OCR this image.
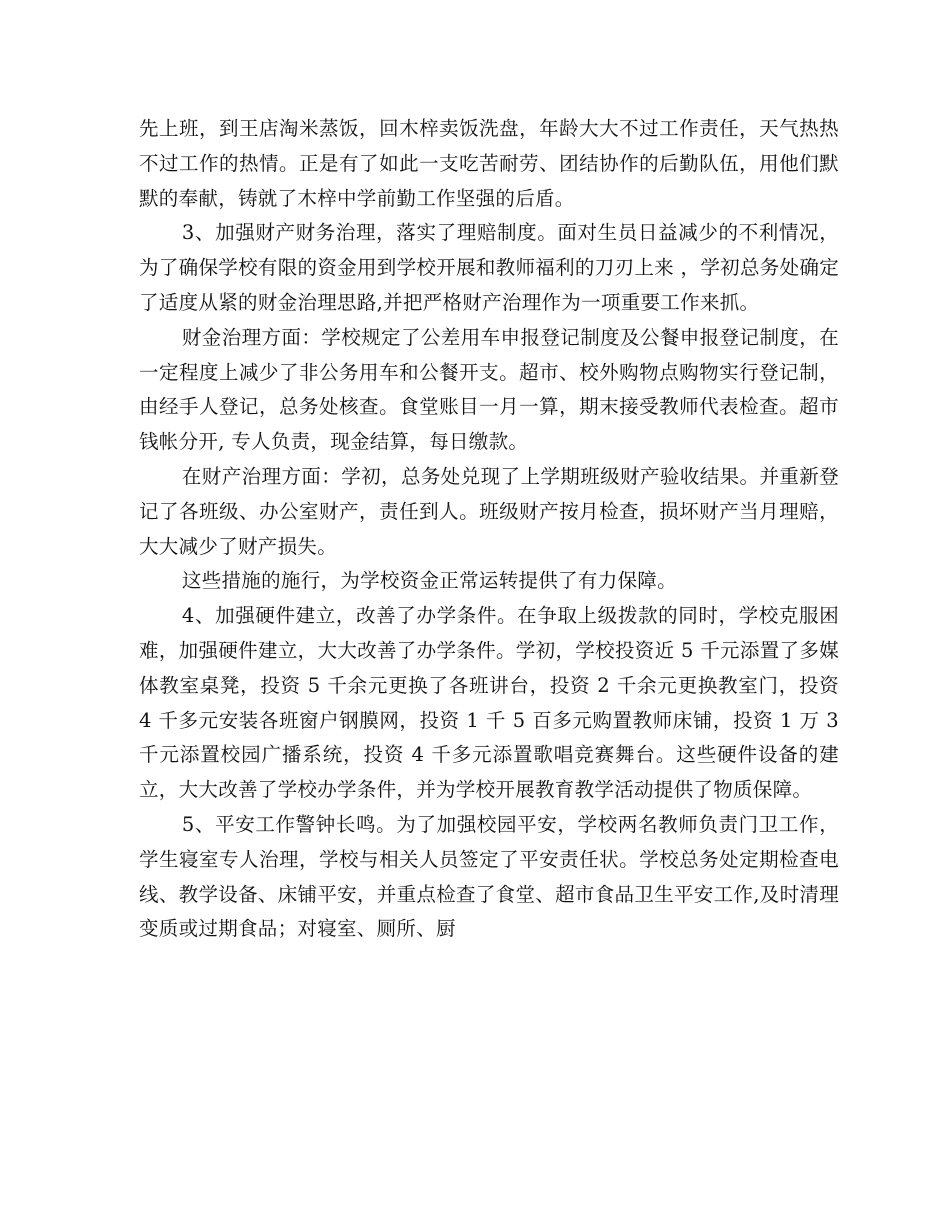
先上班，到王店淘米蒸饭，回木梓卖饭洗盘，年龄大大不过工作责任，天气热热不过工作的热情。正是有了如此一支吃苦耐劳、团结协作的后勤队伍，用他们默默的奉献，铸就了木梓中学前勤工作坚强的后盾。

3、加强财产财务治理，落实了理赔制度。面对生员日益减少的不利情况，为了确保学校有限的资金用到学校开展和教师福利的刀刃上来 ，学初总务处确定了适度从紧的财金治理思路,并把严格财产治理作为一项重要工作来抓。

财金治理方面：学校规定了公差用车申报登记制度及公餐申报登记制度，在一定程度上减少了非公务用车和公餐开支。超市、校外购物点购物实行登记制，由经手人登记，总务处核查。食堂账目一月一算，期末接受教师代表检查。超市钱帐分开, 专人负责，现金结算，每日缴款。

在财产治理方面：学初，总务处兑现了上学期班级财产验收结果。并重新登记了各班级、办公室财产，责任到人。班级财产按月检查，损坏财产当月理赔，大大减少了财产损失。

这些措施的施行，为学校资金正常运转提供了有力保障。

4、加强硬件建立，改善了办学条件。在争取上级拨款的同时，学校克服困难，加强硬件建立，大大改善了办学条件。学初，学校投资近 5 千元添置了多媒体教室桌凳，投资 5 千余元更换了各班讲台，投资 2 千余元更换教室门，投资 4 千多元安装各班窗户钢膜网，投资 1 千 5 百多元购置教师床铺，投资 1 万 3 千元添置校园广播系统，投资 4 千多元添置歌唱竞赛舞台。这些硬件设备的建立，大大改善了学校办学条件，并为学校开展教育教学活动提供了物质保障。

5、平安工作警钟长鸣。为了加强校园平安，学校两名教师负责门卫工作，学生寝室专人治理，学校与相关人员签定了平安责任状。学校总务处定期检查电线、教学设备、床铺平安，并重点检查了食堂、超市食品卫生平安工作,及时清理变质或过期食品；对寝室、厕所、厨
